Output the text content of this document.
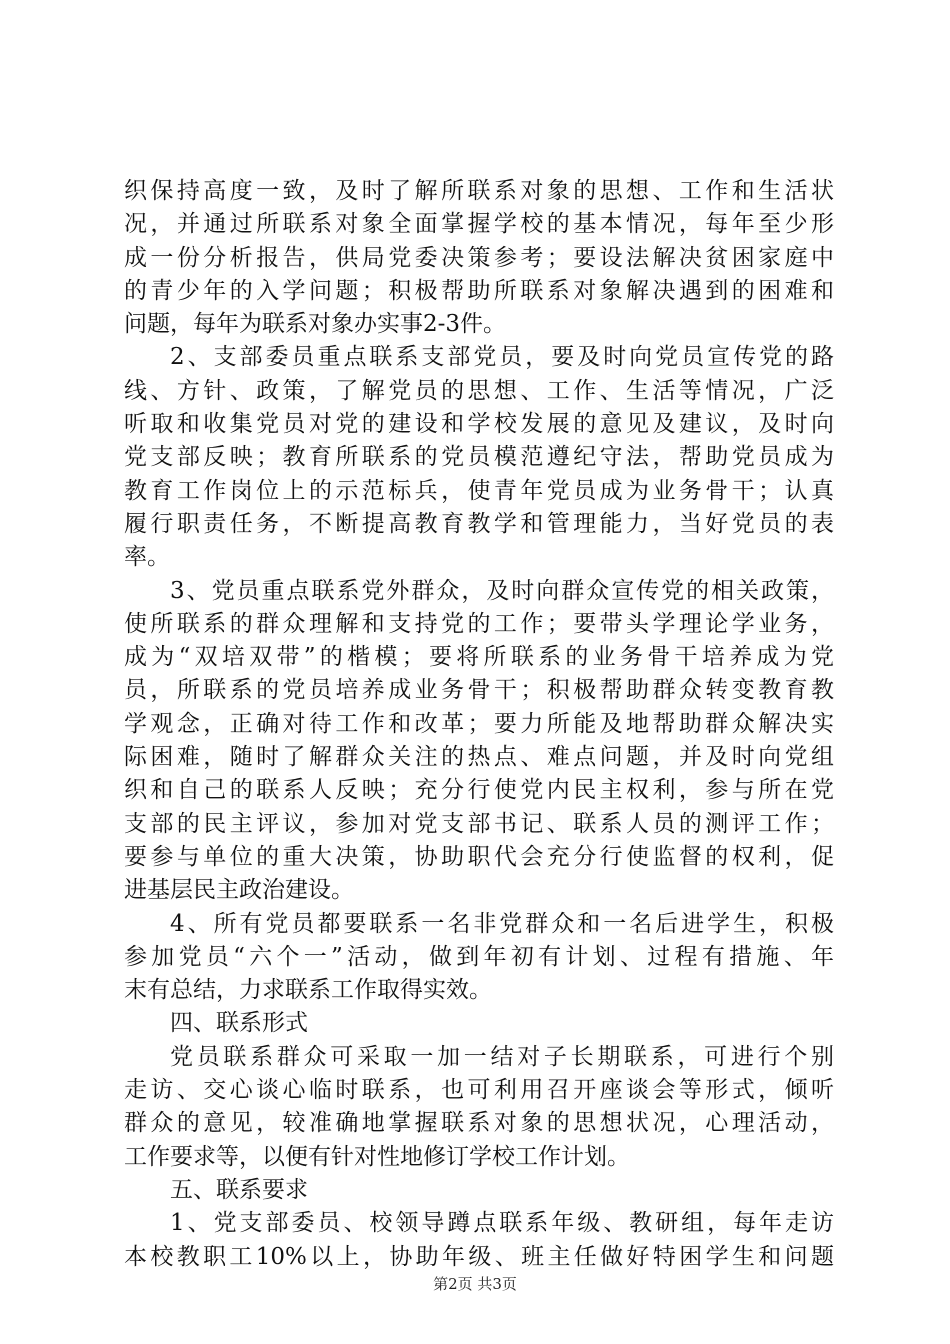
织保持高度一致，及时了解所联系对象的思想、工作和生活状
况，并通过所联系对象全面掌握学校的基本情况，每年至少形
成一份分析报告，供局党委决策参考；要设法解决贫困家庭中
的青少年的入学问题；积极帮助所联系对象解决遇到的困难和
问题，每年为联系对象办实事2-3件。
2、支部委员重点联系支部党员，要及时向党员宣传党的路
线、方针、政策，了解党员的思想、工作、生活等情况，广泛
听取和收集党员对党的建设和学校发展的意见及建议，及时向
党支部反映；教育所联系的党员模范遵纪守法，帮助党员成为
教育工作岗位上的示范标兵，使青年党员成为业务骨干；认真
履行职责任务，不断提高教育教学和管理能力，当好党员的表
率。
3、党员重点联系党外群众，及时向群众宣传党的相关政策，
使所联系的群众理解和支持党的工作；要带头学理论学业务，
成为“双培双带”的楷模；要将所联系的业务骨干培养成为党
员，所联系的党员培养成业务骨干；积极帮助群众转变教育教
学观念，正确对待工作和改革；要力所能及地帮助群众解决实
际困难，随时了解群众关注的热点、难点问题，并及时向党组
织和自己的联系人反映；充分行使党内民主权利，参与所在党
支部的民主评议，参加对党支部书记、联系人员的测评工作；
要参与单位的重大决策，协助职代会充分行使监督的权利，促
进基层民主政治建设。
4、所有党员都要联系一名非党群众和一名后进学生，积极
参加党员“六个一”活动，做到年初有计划、过程有措施、年
末有总结，力求联系工作取得实效。
四、联系形式
党员联系群众可采取一加一结对子长期联系，可进行个别
走访、交心谈心临时联系，也可利用召开座谈会等形式，倾听
群众的意见，较准确地掌握联系对象的思想状况，心理活动，
工作要求等，以便有针对性地修订学校工作计划。
五、联系要求
1、党支部委员、校领导蹲点联系年级、教研组，每年走访
本校教职工10%以上，协助年级、班主任做好特困学生和问题
第2页 共3页
